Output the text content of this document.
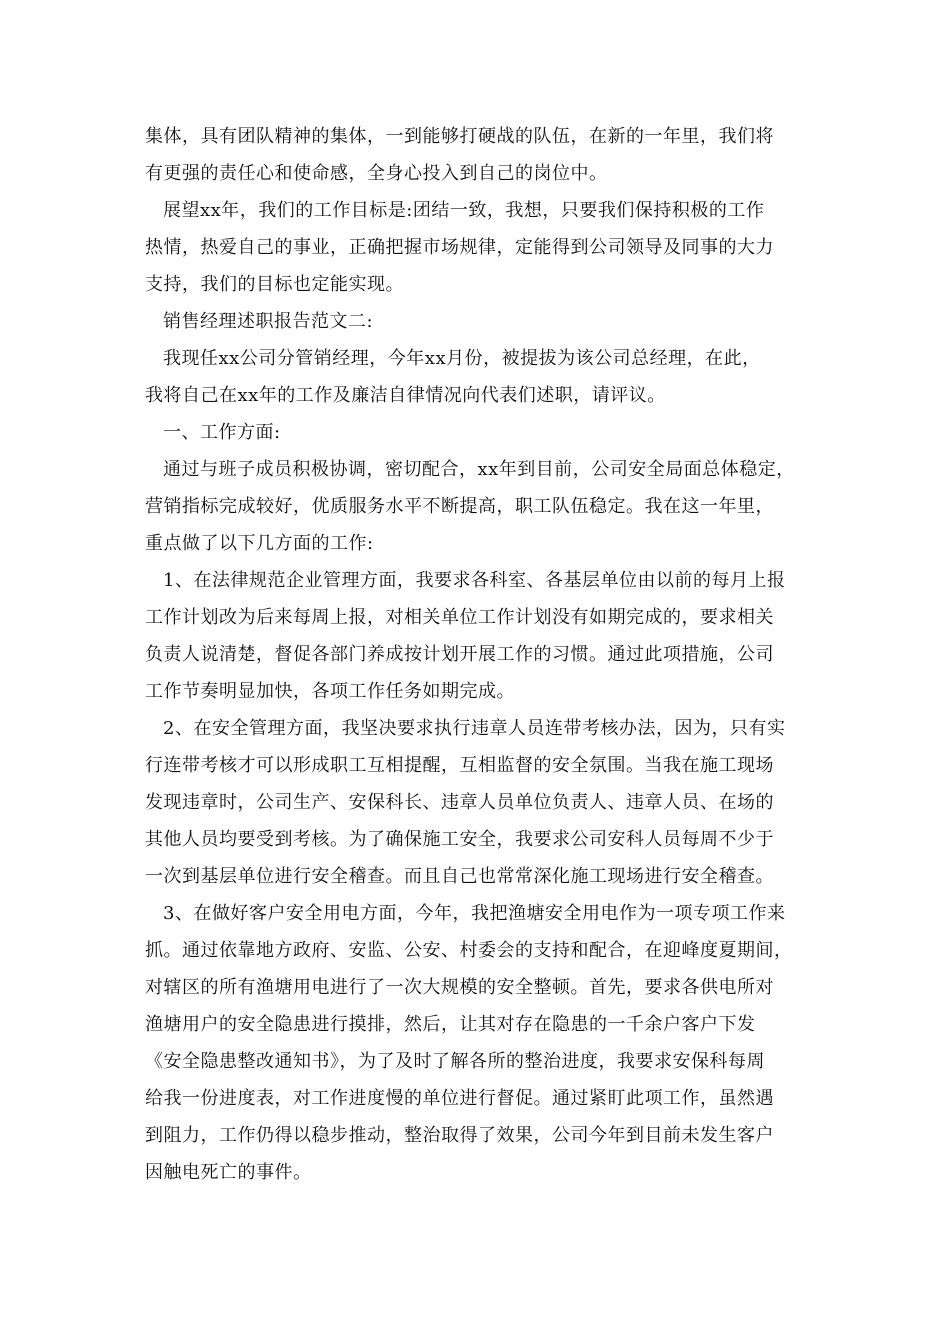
集体，具有团队精神的集体，一到能够打硬战的队伍，在新的一年里，我们将
有更强的责任心和使命感，全身心投入到自己的岗位中。
展望xx年，我们的工作目标是:团结一致，我想，只要我们保持积极的工作
热情，热爱自己的事业，正确把握市场规律，定能得到公司领导及同事的大力
支持，我们的目标也定能实现。
销售经理述职报告范文二:
我现任xx公司分管销经理，今年xx月份，被提拔为该公司总经理，在此，
我将自己在xx年的工作及廉洁自律情况向代表们述职，请评议。
一、工作方面:
通过与班子成员积极协调，密切配合，xx年到目前，公司安全局面总体稳定，
营销指标完成较好，优质服务水平不断提高，职工队伍稳定。我在这一年里，
重点做了以下几方面的工作:
1、在法律规范企业管理方面，我要求各科室、各基层单位由以前的每月上报
工作计划改为后来每周上报，对相关单位工作计划没有如期完成的，要求相关
负责人说清楚，督促各部门养成按计划开展工作的习惯。通过此项措施，公司
工作节奏明显加快，各项工作任务如期完成。
2、在安全管理方面，我坚决要求执行违章人员连带考核办法，因为，只有实
行连带考核才可以形成职工互相提醒，互相监督的安全氛围。当我在施工现场
发现违章时，公司生产、安保科长、违章人员单位负责人、违章人员、在场的
其他人员均要受到考核。为了确保施工安全，我要求公司安科人员每周不少于
一次到基层单位进行安全稽查。而且自己也常常深化施工现场进行安全稽查。
3、在做好客户安全用电方面，今年，我把渔塘安全用电作为一项专项工作来
抓。通过依靠地方政府、安监、公安、村委会的支持和配合，在迎峰度夏期间，
对辖区的所有渔塘用电进行了一次大规模的安全整顿。首先，要求各供电所对
渔塘用户的安全隐患进行摸排，然后，让其对存在隐患的一千余户客户下发
《安全隐患整改通知书》，为了及时了解各所的整治进度，我要求安保科每周
给我一份进度表，对工作进度慢的单位进行督促。通过紧盯此项工作，虽然遇
到阻力，工作仍得以稳步推动，整治取得了效果，公司今年到目前未发生客户
因触电死亡的事件。
